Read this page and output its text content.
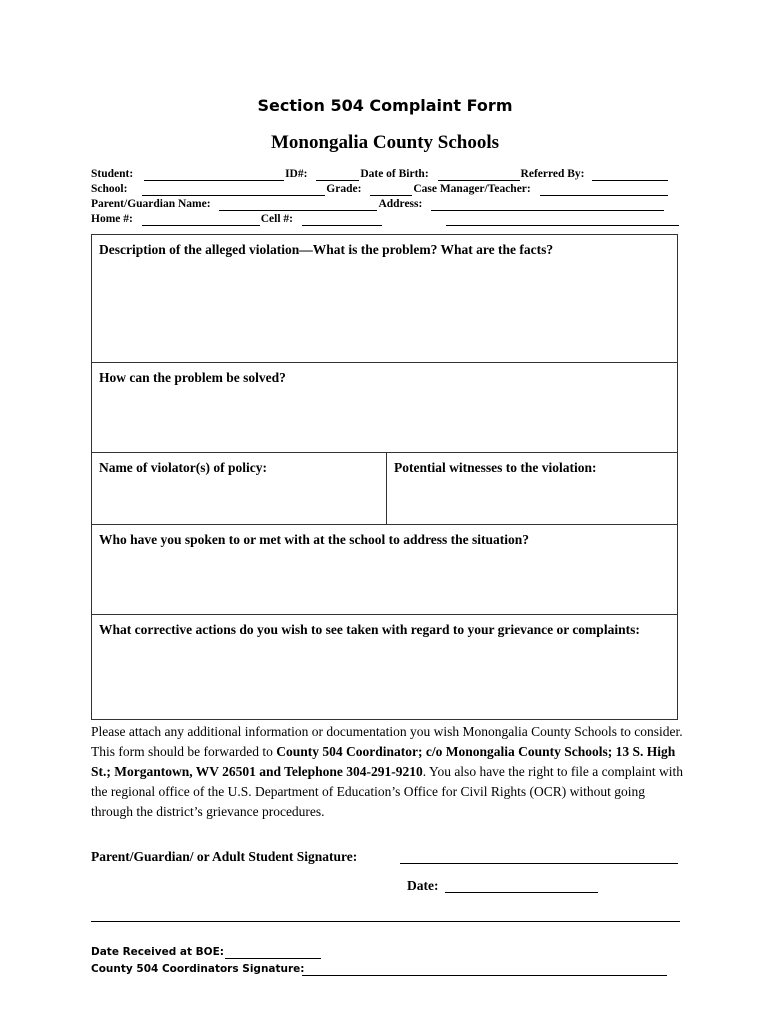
Section 504 Complaint Form
Monongalia County Schools
Student:	ID#:	Date of Birth:	Referred By:
School:	Grade:	Case Manager/Teacher:
Parent/Guardian Name:	Address:
Home #:	Cell #:
Description of the alleged violation—What is the problem? What are the facts?
How can the problem be solved?
Name of violator(s) of policy:	Potential witnesses to the violation:
Who have you spoken to or met with at the school to address the situation?
What corrective actions do you wish to see taken with regard to your grievance or complaints:
Please attach any additional information or documentation you wish Monongalia County Schools to consider. This form should be forwarded to County 504 Coordinator; c/o Monongalia County Schools; 13 S. High St.; Morgantown, WV 26501 and Telephone 304-291-9210. You also have the right to file a complaint with the regional office of the U.S. Department of Education’s Office for Civil Rights (OCR) without going through the district’s grievance procedures.
Parent/Guardian/ or Adult Student Signature:
Date:
Date Received at BOE:
County 504 Coordinators Signature:
